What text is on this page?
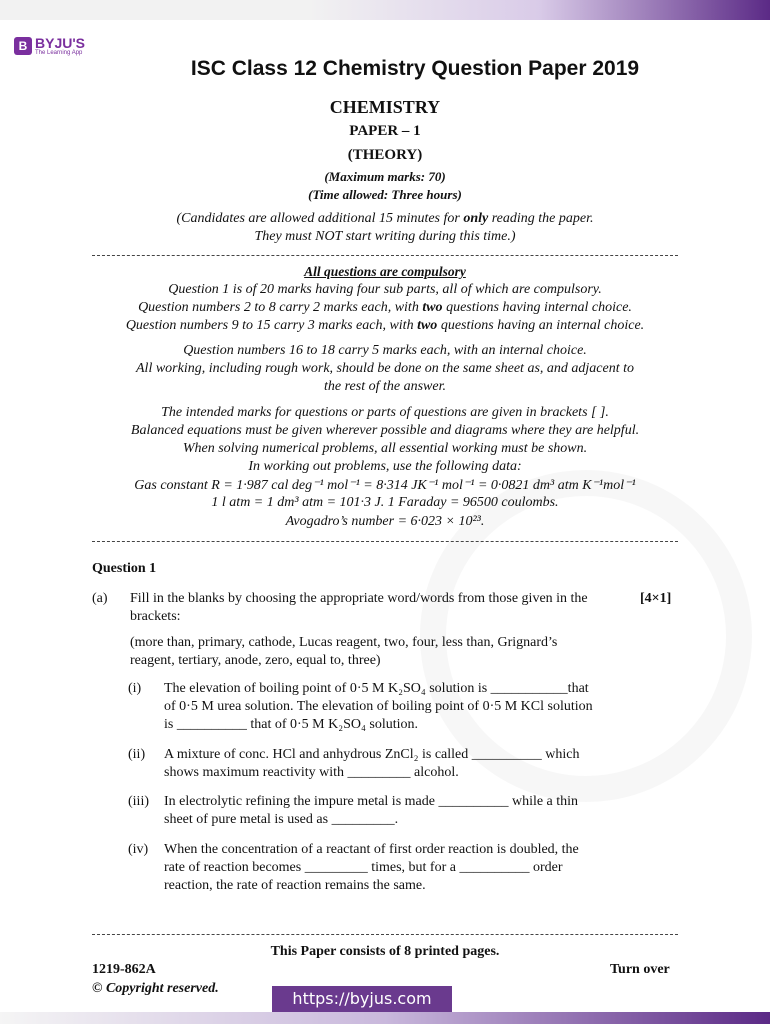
B BYJU'S
The Learning App
ISC Class 12 Chemistry Question Paper 2019
CHEMISTRY
PAPER – 1
(THEORY)
(Maximum marks: 70)
(Time allowed: Three hours)
(Candidates are allowed additional 15 minutes for only reading the paper.
They must NOT start writing during this time.)
All questions are compulsory
Question 1 is of 20 marks having four sub parts, all of which are compulsory.
Question numbers 2 to 8 carry 2 marks each, with two questions having internal choice.
Question numbers 9 to 15 carry 3 marks each, with two questions having an internal choice.
Question numbers 16 to 18 carry 5 marks each, with an internal choice.
All working, including rough work, should be done on the same sheet as, and adjacent to
the rest of the answer.
The intended marks for questions or parts of questions are given in brackets [ ].
Balanced equations must be given wherever possible and diagrams where they are helpful.
When solving numerical problems, all essential working must be shown.
In working out problems, use the following data:
Gas constant R = 1·987 cal deg⁻¹ mol⁻¹ = 8·314 JK⁻¹ mol⁻¹ = 0·0821 dm³ atm K⁻¹mol⁻¹
1 l atm = 1 dm³ atm = 101·3 J. 1 Faraday = 96500 coulombs.
Avogadro’s number = 6·023 × 10²³.
Question 1
(a) Fill in the blanks by choosing the appropriate word/words from those given in the	[4×1]
brackets:
(more than, primary, cathode, Lucas reagent, two, four, less than, Grignard’s
reagent, tertiary, anode, zero, equal to, three)
(i) The elevation of boiling point of 0·5 M K₂SO₄ solution is ___________that
of 0·5 M urea solution. The elevation of boiling point of 0·5 M KCl solution
is __________ that of 0·5 M K₂SO₄ solution.
(ii) A mixture of conc. HCl and anhydrous ZnCl₂ is called __________ which
shows maximum reactivity with _________ alcohol.
(iii) In electrolytic refining the impure metal is made __________ while a thin
sheet of pure metal is used as _________.
(iv) When the concentration of a reactant of first order reaction is doubled, the
rate of reaction becomes _________ times, but for a __________ order
reaction, the rate of reaction remains the same.
This Paper consists of 8 printed pages.
1219-862A	Turn over
© Copyright reserved.
https://byjus.com
